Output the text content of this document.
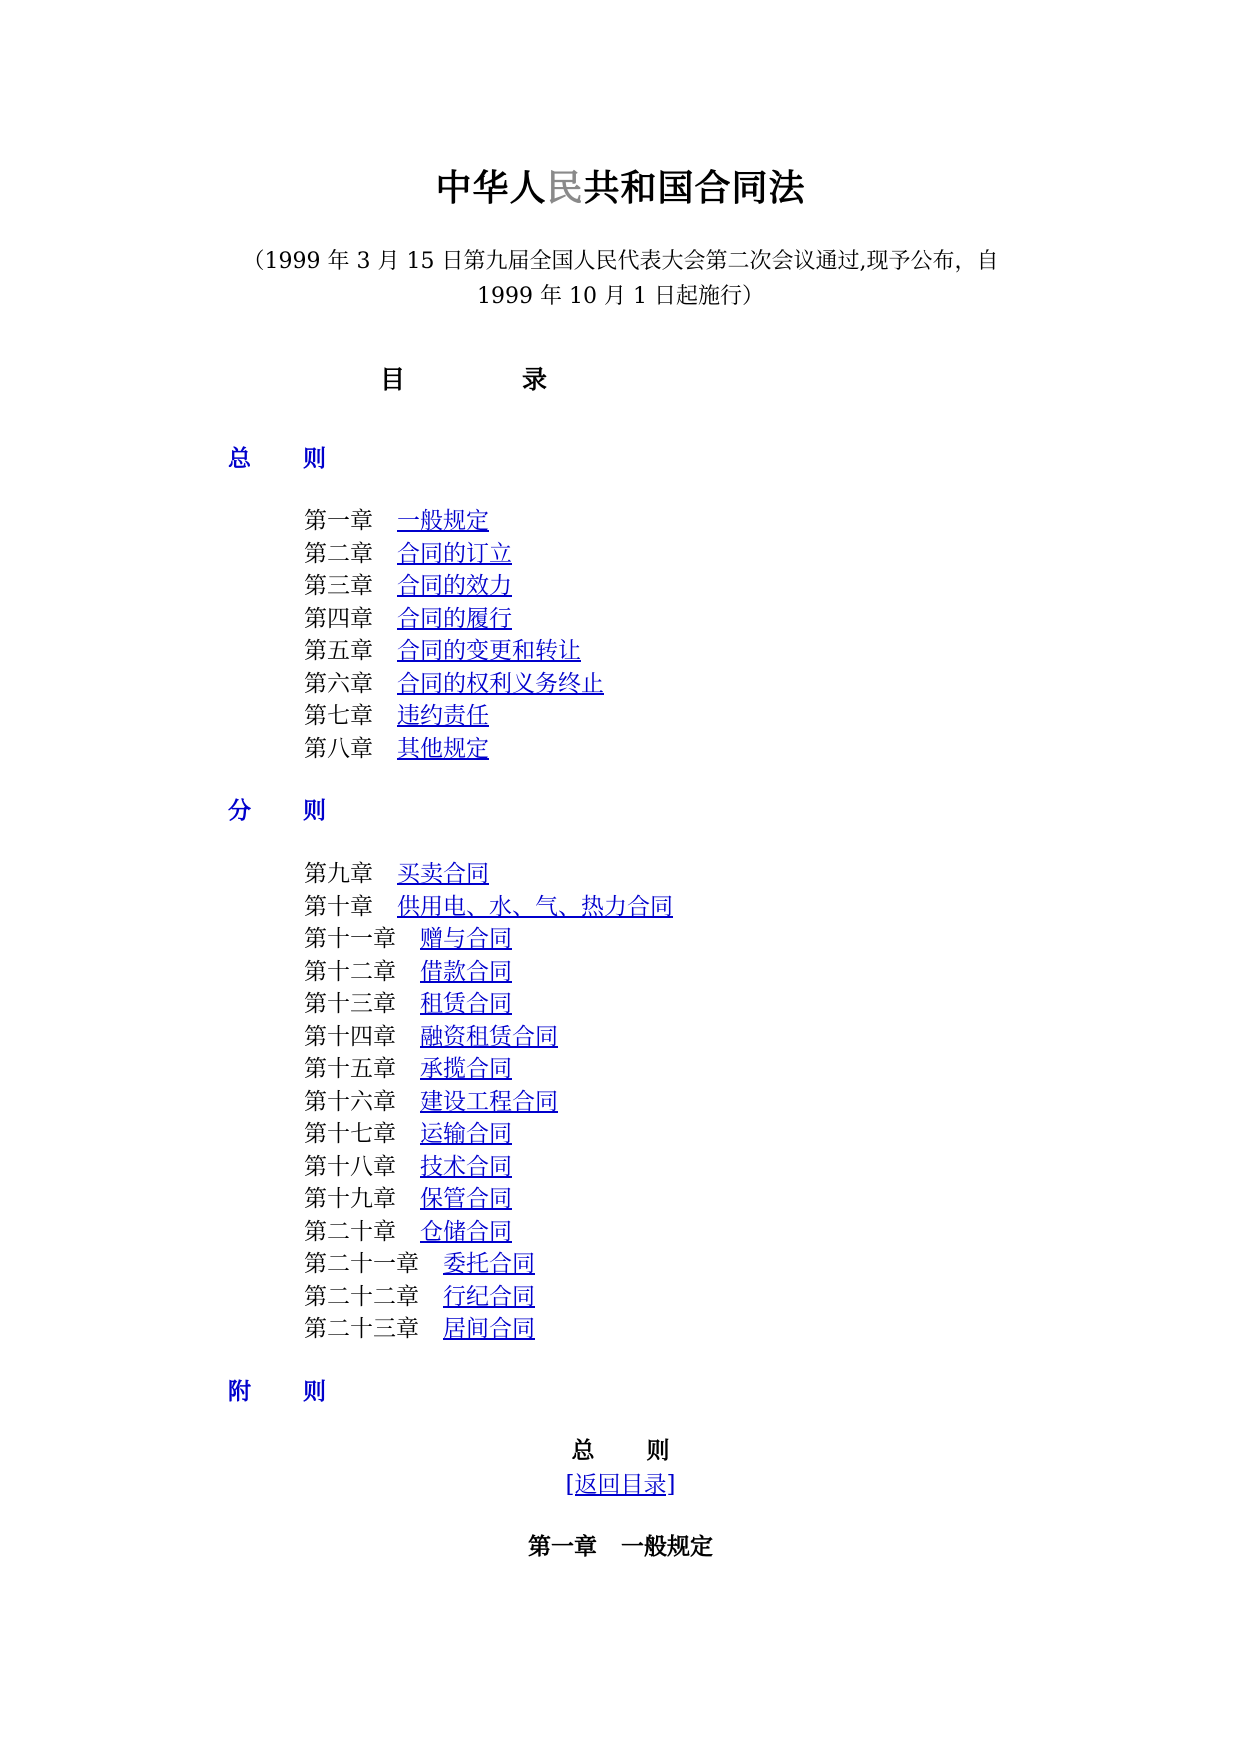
中华人民共和国合同法
（1999 年 3 月 15 日第九届全国人民代表大会第二次会议通过,现予公布，自
1999 年 10 月 1 日起施行）
目	录
总 则
第一章 一般规定
第二章 合同的订立
第三章 合同的效力
第四章 合同的履行
第五章 合同的变更和转让
第六章 合同的权利义务终止
第七章 违约责任
第八章 其他规定
分 则
第九章 买卖合同
第十章 供用电、水、气、热力合同
第十一章 赠与合同
第十二章 借款合同
第十三章 租赁合同
第十四章 融资租赁合同
第十五章 承揽合同
第十六章 建设工程合同
第十七章 运输合同
第十八章 技术合同
第十九章 保管合同
第二十章 仓储合同
第二十一章 委托合同
第二十二章 行纪合同
第二十三章 居间合同
附 则
总 则
[返回目录]
第一章 一般规定
